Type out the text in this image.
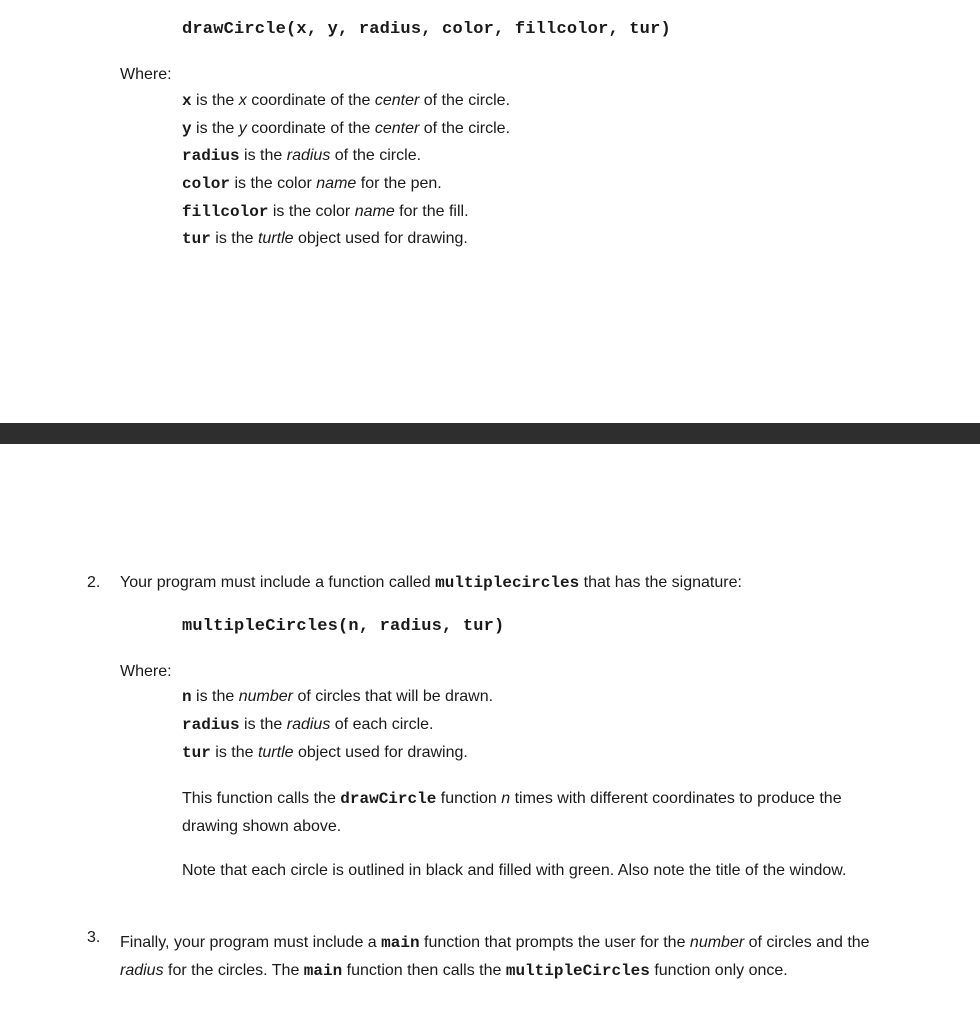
drawCircle(x, y, radius, color, fillcolor, tur)
Where:
x is the x coordinate of the center of the circle.
y is the y coordinate of the center of the circle.
radius is the radius of the circle.
color is the color name for the pen.
fillcolor is the color name for the fill.
tur is the turtle object used for drawing.
2. Your program must include a function called multiplecircles that has the signature:
multipleCircles(n, radius, tur)
Where:
n is the number of circles that will be drawn.
radius is the radius of each circle.
tur is the turtle object used for drawing.
This function calls the drawCircle function n times with different coordinates to produce the drawing shown above.
Note that each circle is outlined in black and filled with green. Also note the title of the window.
3. Finally, your program must include a main function that prompts the user for the number of circles and the radius for the circles. The main function then calls the multipleCircles function only once.
